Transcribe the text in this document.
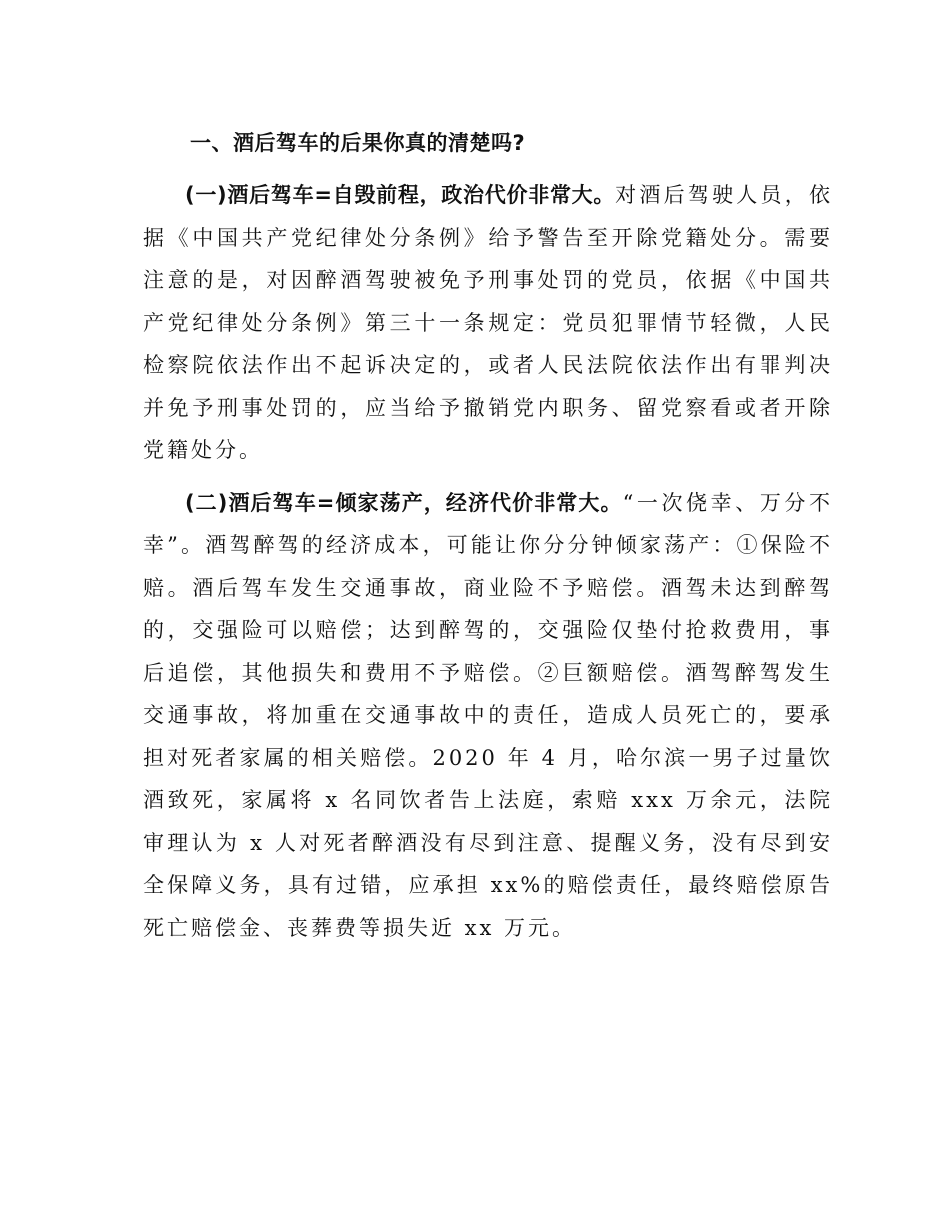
一、酒后驾车的后果你真的清楚吗?

(一)酒后驾车=自毁前程，政治代价非常大。对酒后驾驶人员，依据《中国共产党纪律处分条例》给予警告至开除党籍处分。需要注意的是，对因醉酒驾驶被免予刑事处罚的党员，依据《中国共产党纪律处分条例》第三十一条规定：党员犯罪情节轻微，人民检察院依法作出不起诉决定的，或者人民法院依法作出有罪判决并免予刑事处罚的，应当给予撤销党内职务、留党察看或者开除党籍处分。

(二)酒后驾车=倾家荡产，经济代价非常大。“一次侥幸、万分不幸”。酒驾醉驾的经济成本，可能让你分分钟倾家荡产：①保险不赔。酒后驾车发生交通事故，商业险不予赔偿。酒驾未达到醉驾的，交强险可以赔偿；达到醉驾的，交强险仅垫付抢救费用，事后追偿，其他损失和费用不予赔偿。②巨额赔偿。酒驾醉驾发生交通事故，将加重在交通事故中的责任，造成人员死亡的，要承担对死者家属的相关赔偿。2020 年 4 月，哈尔滨一男子过量饮酒致死，家属将 x 名同饮者告上法庭，索赔 xxx 万余元，法院审理认为 x 人对死者醉酒没有尽到注意、提醒义务，没有尽到安全保障义务，具有过错，应承担 xx%的赔偿责任，最终赔偿原告死亡赔偿金、丧葬费等损失近 xx 万元。
